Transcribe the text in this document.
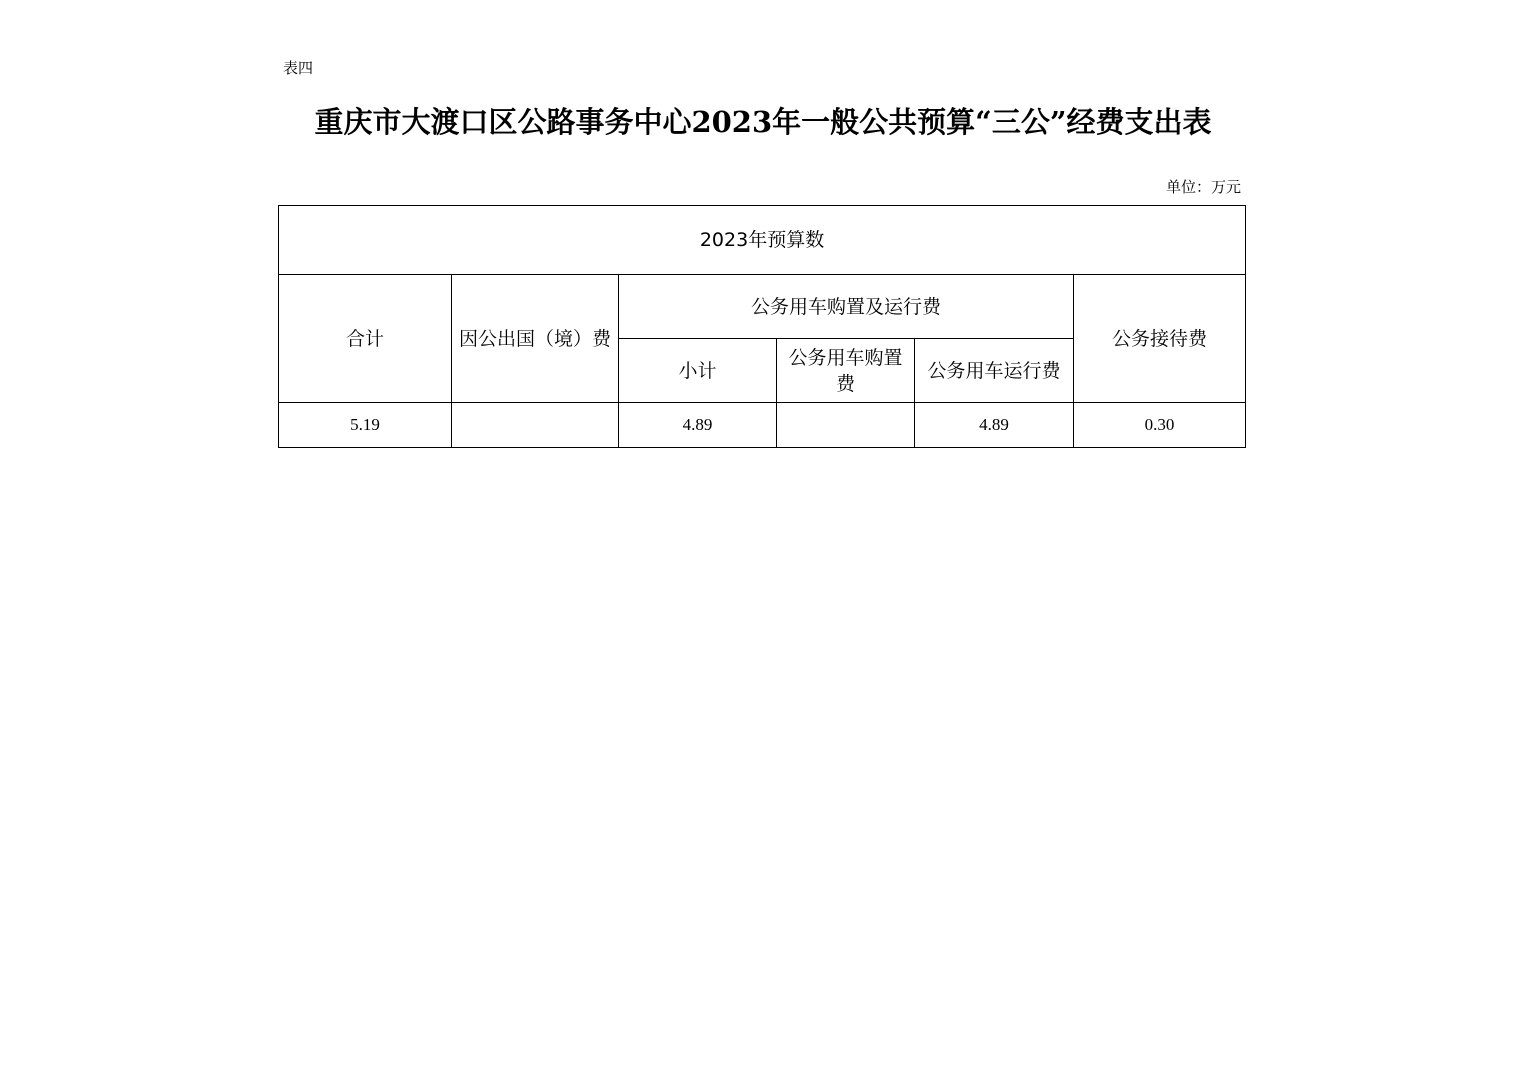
表四

重庆市大渡口区公路事务中心2023年一般公共预算“三公”经费支出表

单位：万元

2023年预算数					
合计	因公出国（境）费	公务用车购置及运行费			公务接待费
		小计	公务用车购置费	公务用车运行费	
5.19		4.89		4.89	0.30
